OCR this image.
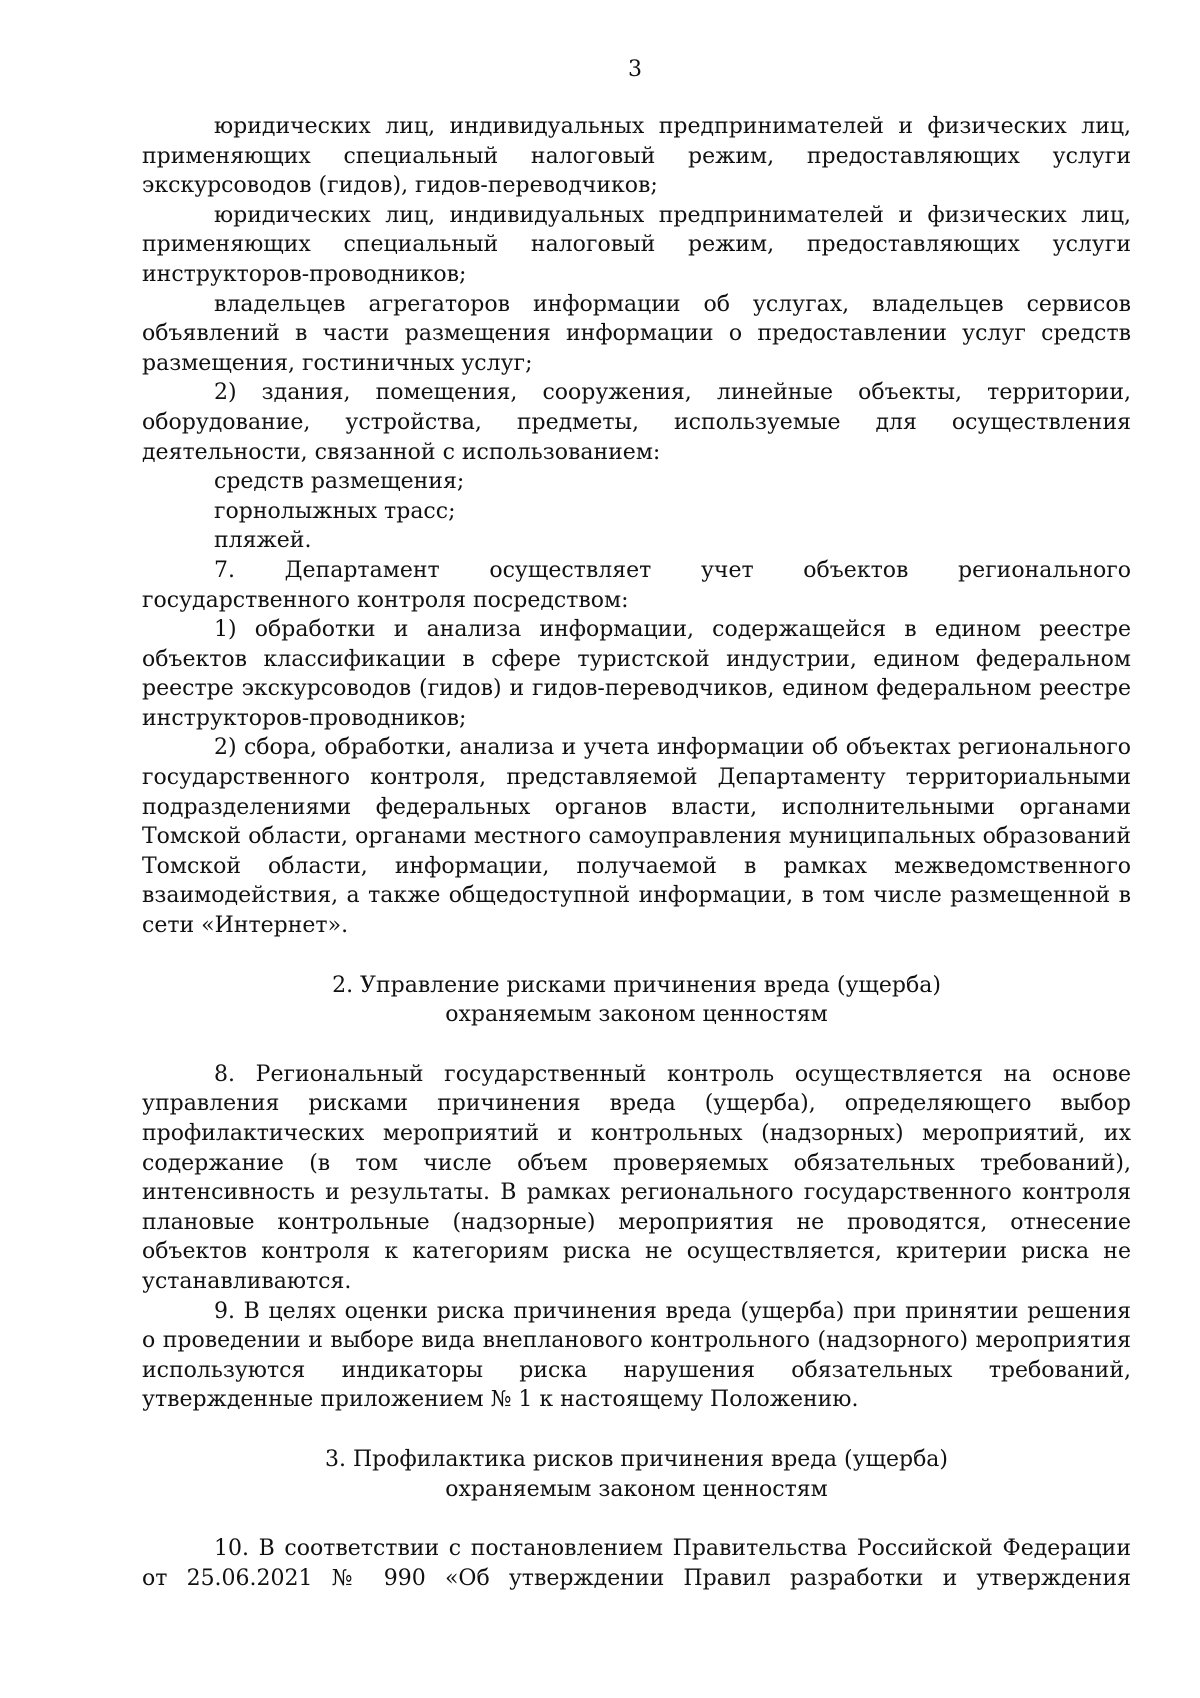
3

юридических лиц, индивидуальных предпринимателей и физических лиц, применяющих специальный налоговый режим, предоставляющих услуги экскурсоводов (гидов), гидов-переводчиков;

юридических лиц, индивидуальных предпринимателей и физических лиц, применяющих специальный налоговый режим, предоставляющих услуги инструкторов-проводников;

владельцев агрегаторов информации об услугах, владельцев сервисов объявлений в части размещения информации о предоставлении услуг средств размещения, гостиничных услуг;

2) здания, помещения, сооружения, линейные объекты, территории, оборудование, устройства, предметы, используемые для осуществления деятельности, связанной с использованием:

средств размещения;

горнолыжных трасс;

пляжей.

7. Департамент осуществляет учет объектов регионального государственного контроля посредством:

1) обработки и анализа информации, содержащейся в едином реестре объектов классификации в сфере туристской индустрии, едином федеральном реестре экскурсоводов (гидов) и гидов-переводчиков, едином федеральном реестре инструкторов-проводников;

2) сбора, обработки, анализа и учета информации об объектах регионального государственного контроля, представляемой Департаменту территориальными подразделениями федеральных органов власти, исполнительными органами Томской области, органами местного самоуправления муниципальных образований Томской области, информации, получаемой в рамках межведомственного взаимодействия, а также общедоступной информации, в том числе размещенной в сети «Интернет».

2. Управление рисками причинения вреда (ущерба)
охраняемым законом ценностям

8. Региональный государственный контроль осуществляется на основе управления рисками причинения вреда (ущерба), определяющего выбор профилактических мероприятий и контрольных (надзорных) мероприятий, их содержание (в том числе объем проверяемых обязательных требований), интенсивность и результаты. В рамках регионального государственного контроля плановые контрольные (надзорные) мероприятия не проводятся, отнесение объектов контроля к категориям риска не осуществляется, критерии риска не устанавливаются.

9. В целях оценки риска причинения вреда (ущерба) при принятии решения о проведении и выборе вида внепланового контрольного (надзорного) мероприятия используются индикаторы риска нарушения обязательных требований, утвержденные приложением № 1 к настоящему Положению.

3. Профилактика рисков причинения вреда (ущерба)
охраняемым законом ценностям

10. В соответствии с постановлением Правительства Российской Федерации от 25.06.2021 № 990 «Об утверждении Правил разработки и утверждения
